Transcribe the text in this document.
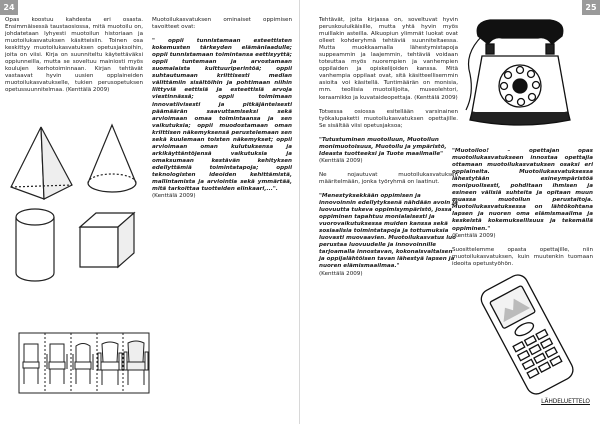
24

Opas koostuu kahdesta eri osasta. Ensimmäisessä taustaosiossa, mitä muotoilu on, johdatetaan lyhyesti muotoilun historiaan ja muotoilukasvatuksen käsitteisiin. Toinen osa keskittyy muotoilukasvatuksen opetusjaksoihin, joita on viisi. Kirja on suunniteltu käytettäväksi oppiunneilla, mutta se soveltuu mainiosti myös koulujen kerhotoiminnaan. Kirjan tehtävät vastaavat hyvin uusien opplaineiden muotoilukasvatukselle, tukien perusopetuksen opetussuunnitelmaa. (Kenttälä 2009)

Muotoilukasvatuksen ominaiset oppimisen tavoitteet ovat:

" oppii tunnistamaan esteettisten kokemusten tärkeyden elämänlaadulle; oppii tunnistamaan toimintansa eettisyyttä; oppii tuntemaan ja arvostamaan suomalaista kulttuuriperintöä; oppii suhtautumaan kriittisesti median välittämiin sisältöihin ja pohtimaan niihin liittyviä eettisiä ja esteettisiä arvoja viestinnässä; oppii toimimaan innovatiivisesti ja pitkäjänteisesti päämäärän saavuttamiseksi sekä arvioimaan omaa toimintaansa ja sen vaikutuksia; oppii muodostamaan oman kriittisen näkemyksensä perustelemaan sen sekä kuulemaan toisten näkemykset; oppii arvioimaan oman kulutuksensa ja arkikäyttäntöjensä vaikutuksia ja omaksumaan kestävän kehityksen edellyttämiä toimintatapoja; oppii teknologisten ideoiden kehittämistä, mallintamista ja arviointia sekä ymmärtää, mitä tarkoittaa tuotteiden elinkaari,...".

(Kenttälä 2009)

25

Tehtävät, joita kirjassa on, soveltuvat hyvin peruskouluikäisille, mutta yhtä hyvin myös muillakin asteilla. Alkuopiun ylimmät luokat ovat olleet kohderyhmä tehtäviä suunniteltaessa. Mutta muokkaamalla lähestymistapoja suppeammin ja laajemmin, tehtäviä voidaan toteuttaa myös nuorempien ja vanhempien oppilaiden ja opiskelijoiden kanssa. Mitä vanhempia oppilaat ovat, sitä käsitteellisemmin asioita voi käsitellä. Tuntimäärän on monisia, mm. teollisia muotoilijoita, museolehtori, keraamikko ja kuvataideopettaja. (Kenttälä 2009)

Totsessa osiossa esitellään varsinainen työkalupaketti muotoilukasvatuksen opettajille. Se sisältää viisi opetusjaksoa;

"Tutustuminen muotoiluun, Muotoilun monimuotoisuus, Muotoilu ja ympäristö, Ideasta tuotteeksi ja Tuote maailmalle"

(Kenttälä 2009)

Ne nojautuvat muotoilukasvatuksen määritelmään, jonka työryhmä on laatinut.

"Menestyksekkään oppimisen ja innovoinnin edellytyksenä nähdään avoin ja luovuutta tukeva oppimisympäristö, jossa oppiminen tapahtuu monialaisesti ja vuorovaikutuksessa muiden kanssa sekä sosiaalisia toimintatapoja ja tottumuksia luovasti muovaavien. Muotoilukasvatus luo perustaa luovuudelle ja innovoinnille tarjoamalla innostavan, kokonaisvaltaisen ja oppijalähtöisen tavan lähestyä lapsen ja nuoren elämismaailmaa."

(Kenttälä 2009)

"Muotoiloo! – opettajan opas muotoilukasvatukseen innostaa opettajia ottamaan muotoilukasvatuksen osaksi eri oppiaineita. Muotoilukasvatuksessa lähestytään esineympäristöä monipuolisesti, pohditaan ihmisen ja esineen välisiä suhteita ja opitaan muun muassa muotoilun perustaitoja. Muotoilukasvatuksessa on lähtökohtana lapsen ja nuoren oma elämismaailma ja keskeistä kokemuksellisuus ja tekemällä oppiminen."

(Kenttälä 2009)

Suosittelemme opasta opettajille, niin muotoilukasvatuksen, kuin muutenkin tuomaan ideoita opetustyöhön.

LÄHDELUETTELO
